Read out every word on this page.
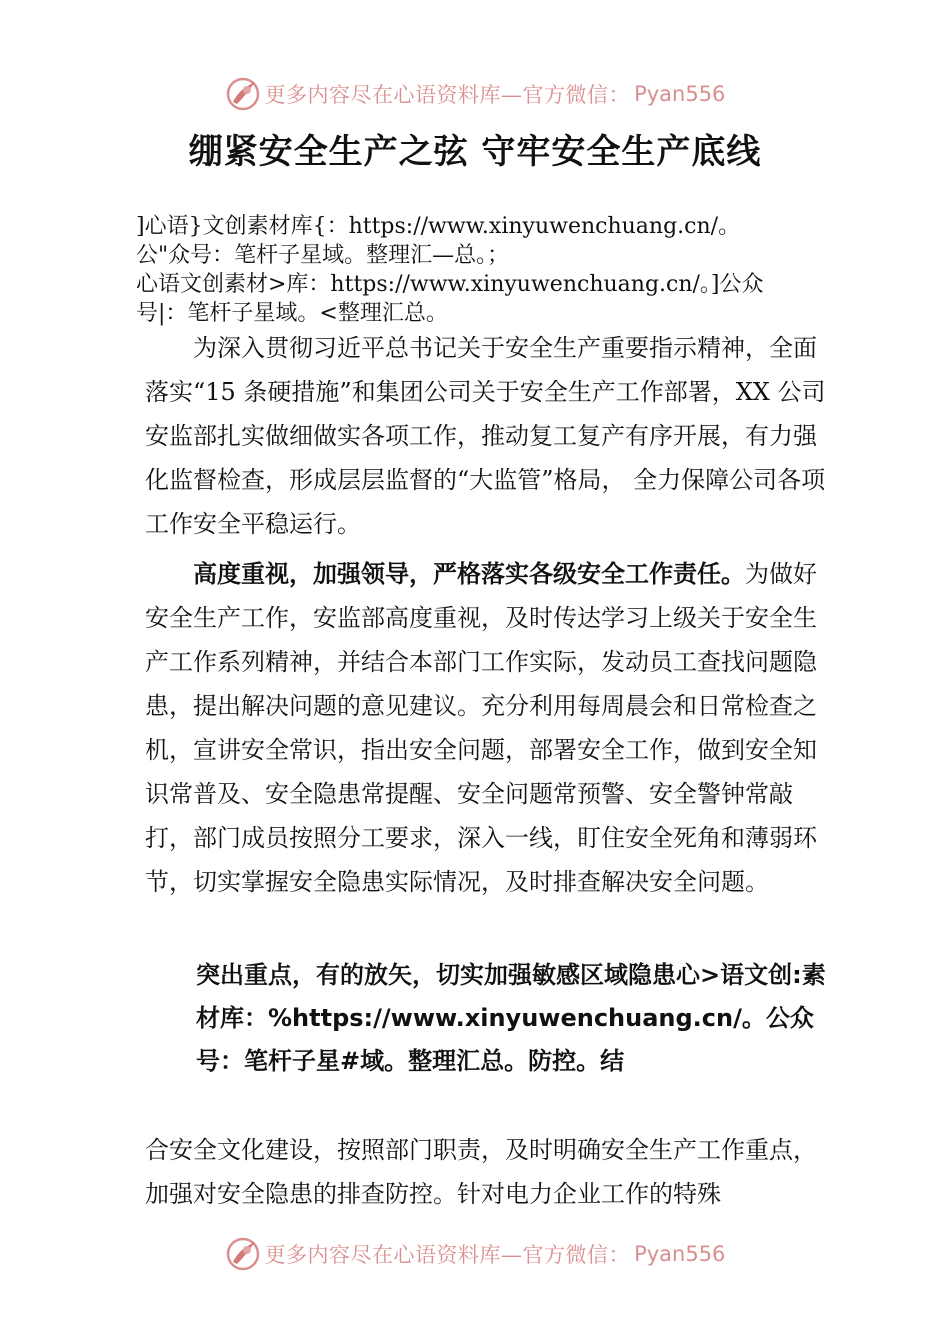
更多内容尽在心语资料库—官方微信： Pyan556
绷紧安全生产之弦 守牢安全生产底线
]心语}文创素材库{：https://www.xinyuwenchuang.cn/。
公"众号：笔杆子星域。整理汇—总。；
心语文创素材>库：https://www.xinyuwenchuang.cn/。]公众
号|：笔杆子星域。<整理汇总。

为深入贯彻习近平总书记关于安全生产重要指示精神，全面落实“15 条硬措施”和集团公司关于安全生产工作部署，XX 公司安监部扎实做细做实各项工作，推动复工复产有序开展，有力强化监督检查，形成层层监督的“大监管”格局， 全力保障公司各项工作安全平稳运行。

高度重视，加强领导，严格落实各级安全工作责任。为做好安全生产工作，安监部高度重视，及时传达学习上级关于安全生产工作系列精神，并结合本部门工作实际，发动员工查找问题隐患，提出解决问题的意见建议。充分利用每周晨会和日常检查之机，宣讲安全常识，指出安全问题，部署安全工作，做到安全知识常普及、安全隐患常提醒、安全问题常预警、安全警钟常敲打，部门成员按照分工要求，深入一线，盯住安全死角和薄弱环节，切实掌握安全隐患实际情况，及时排查解决安全问题。

突出重点，有的放矢，切实加强敏感区域隐患心>语文创:素材库：%https://www.xinyuwenchuang.cn/。公众号：笔杆子星#域。整理汇总。防控。结

合安全文化建设，按照部门职责，及时明确安全生产工作重点，加强对安全隐患的排查防控。针对电力企业工作的特殊

更多内容尽在心语资料库—官方微信： Pyan556
